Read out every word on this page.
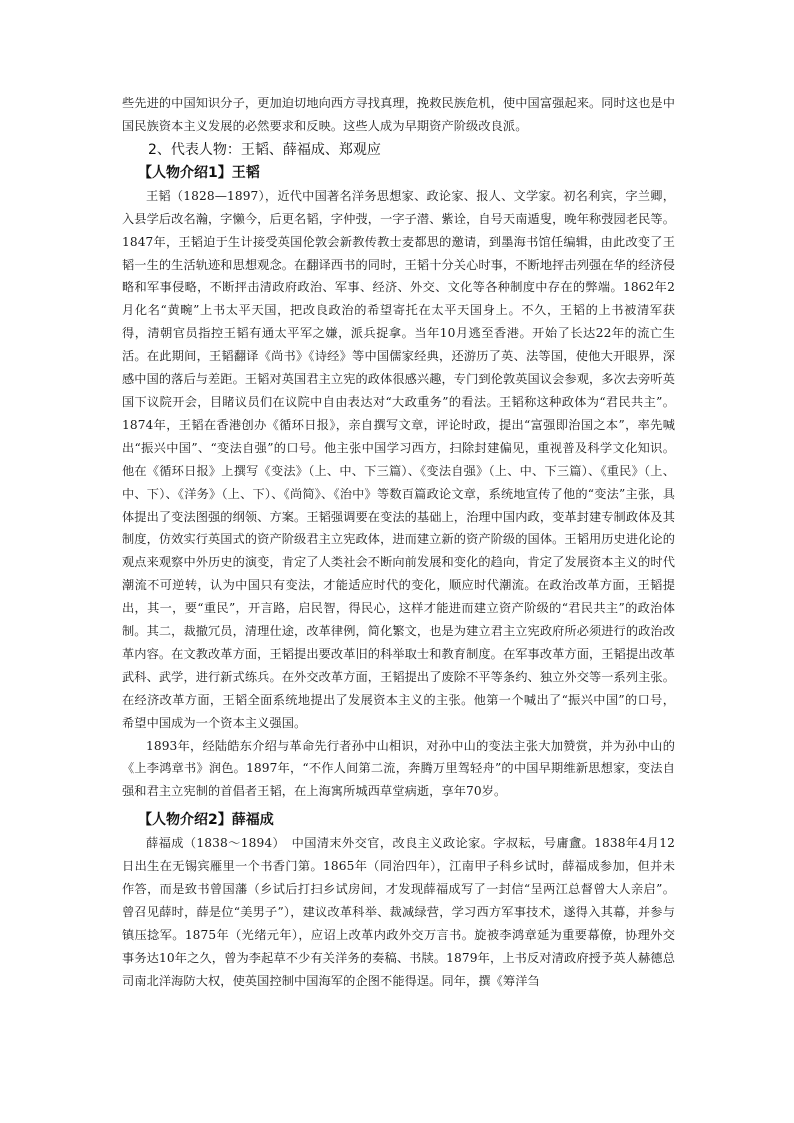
些先进的中国知识分子，更加迫切地向西方寻找真理，挽救民族危机，使中国富强起来。同时这也是中国民族资本主义发展的必然要求和反映。这些人成为早期资产阶级改良派。

2、代表人物：王韬、薛福成、郑观应

【人物介绍1】王韬

王韬（1828—1897），近代中国著名洋务思想家、政论家、报人、文学家。初名利宾，字兰卿，入县学后改名瀚，字懒今，后更名韬，字仲弢，一字子潜、紫诠，自号天南遁叟，晚年称弢园老民等。1847年，王韬迫于生计接受英国伦敦会新教传教士麦都思的邀请，到墨海书馆任编辑，由此改变了王韬一生的生活轨迹和思想观念。在翻译西书的同时，王韬十分关心时事，不断地抨击列强在华的经济侵略和军事侵略，不断抨击清政府政治、军事、经济、外交、文化等各种制度中存在的弊端。1862年2月化名“黄畹”上书太平天国，把改良政治的希望寄托在太平天国身上。不久，王韬的上书被清军获得，清朝官员指控王韬有通太平军之嫌，派兵捉拿。当年10月逃至香港。开始了长达22年的流亡生活。在此期间，王韬翻译《尚书》《诗经》等中国儒家经典，还游历了英、法等国，使他大开眼界，深感中国的落后与差距。王韬对英国君主立宪的政体很感兴趣，专门到伦敦英国议会参观，多次去旁听英国下议院开会，目睹议员们在议院中自由表达对“大政重务”的看法。王韬称这种政体为“君民共主”。1874年，王韬在香港创办《循环日报》，亲自撰写文章，评论时政，提出“富强即治国之本”，率先喊出“振兴中国”、“变法自强”的口号。他主张中国学习西方，扫除封建偏见，重视普及科学文化知识。他在《循环日报》上撰写《变法》（上、中、下三篇）、《变法自强》（上、中、下三篇）、《重民》（上、中、下）、《洋务》（上、下）、《尚简》、《治中》等数百篇政论文章，系统地宣传了他的“变法”主张，具体提出了变法图强的纲领、方案。王韬强调要在变法的基础上，治理中国内政，变革封建专制政体及其制度，仿效实行英国式的资产阶级君主立宪政体，进而建立新的资产阶级的国体。王韬用历史进化论的观点来观察中外历史的演变，肯定了人类社会不断向前发展和变化的趋向，肯定了发展资本主义的时代潮流不可逆转，认为中国只有变法，才能适应时代的变化，顺应时代潮流。在政治改革方面，王韬提出，其一，要“重民”，开言路，启民智，得民心，这样才能进而建立资产阶级的“君民共主”的政治体制。其二，裁撤冗员，清理仕途，改革律例，简化繁文，也是为建立君主立宪政府所必须进行的政治改革内容。在文教改革方面，王韬提出要改革旧的科举取士和教育制度。在军事改革方面，王韬提出改革武科、武学，进行新式练兵。在外交改革方面，王韬提出了废除不平等条约、独立外交等一系列主张。在经济改革方面，王韬全面系统地提出了发展资本主义的主张。他第一个喊出了“振兴中国”的口号，希望中国成为一个资本主义强国。

1893年，经陆皓东介绍与革命先行者孙中山相识，对孙中山的变法主张大加赞赏，并为孙中山的《上李鸿章书》润色。1897年，“不作人间第二流，奔腾万里驾轻舟”的中国早期维新思想家，变法自强和君主立宪制的首倡者王韬，在上海寓所城西草堂病逝，享年70岁。

【人物介绍2】薛福成

薛福成（1838～1894）　中国清末外交官，改良主义政论家。字叔耘，号庸盦。1838年4月12日出生在无锡宾雁里一个书香门第。1865年（同治四年），江南甲子科乡试时，薛福成参加，但并未作答，而是致书曾国藩（乡试后打扫乡试房间，才发现薛福成写了一封信“呈两江总督曾大人亲启”。曾召见薛时，薛是位“美男子”），建议改革科举、裁减绿营，学习西方军事技术，遂得入其幕，并参与镇压捻军。1875年（光绪元年），应诏上改革内政外交万言书。旋被李鸿章延为重要幕僚，协理外交事务达10年之久，曾为李起草不少有关洋务的奏稿、书牍。1879年，上书反对清政府授予英人赫德总司南北洋海防大权，使英国控制中国海军的企图不能得逞。同年，撰《筹洋刍
